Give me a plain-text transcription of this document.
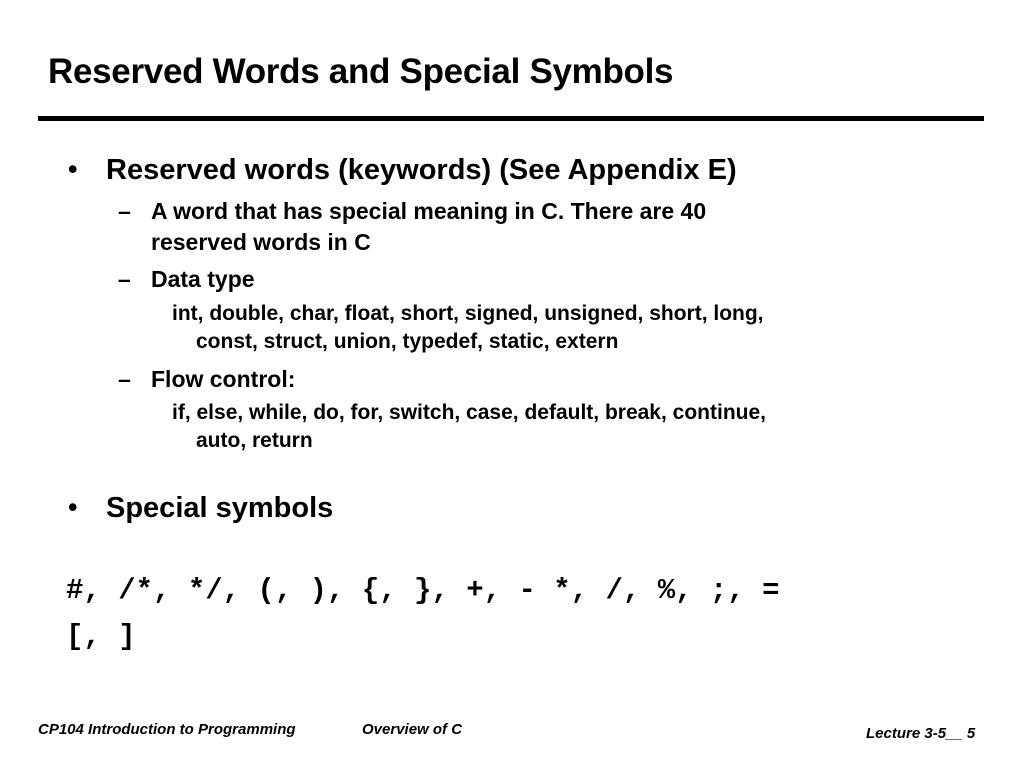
Reserved Words and Special Symbols
• Reserved words (keywords) (See Appendix E)
– A word that has special meaning in C. There are 40
reserved words in C
– Data type
int, double, char, float, short, signed, unsigned, short, long,
const, struct, union, typedef, static, extern
– Flow control:
if, else, while, do, for, switch, case, default, break, continue,
auto, return
• Special symbols
#, /*, */, (, ), {, }, +, - *, /, %, ;, =
[, ]
CP104 Introduction to Programming	Overview of C	Lecture 3-5__ 5
